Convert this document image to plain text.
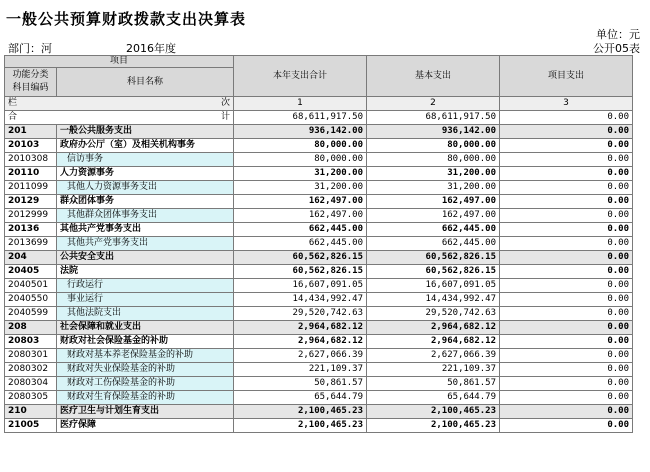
一般公共预算财政拨款支出决算表
单位：元
部门：河	2016年度	公开05表
项目		本年支出合计	基本支出	项目支出
功能分类
科目编码	科目名称			

栏	次	1	2	3
合	计	68,611,917.50	68,611,917.50	0.00
201	一般公共服务支出	936,142.00	936,142.00	0.00
20103	政府办公厅（室）及相关机构事务	80,000.00	80,000.00	0.00
2010308	信访事务	80,000.00	80,000.00	0.00
20110	人力资源事务	31,200.00	31,200.00	0.00
2011099	其他人力资源事务支出	31,200.00	31,200.00	0.00
20129	群众团体事务	162,497.00	162,497.00	0.00
2012999	其他群众团体事务支出	162,497.00	162,497.00	0.00
20136	其他共产党事务支出	662,445.00	662,445.00	0.00
2013699	其他共产党事务支出	662,445.00	662,445.00	0.00
204	公共安全支出	60,562,826.15	60,562,826.15	0.00
20405	法院	60,562,826.15	60,562,826.15	0.00
2040501	行政运行	16,607,091.05	16,607,091.05	0.00
2040550	事业运行	14,434,992.47	14,434,992.47	0.00
2040599	其他法院支出	29,520,742.63	29,520,742.63	0.00
208	社会保障和就业支出	2,964,682.12	2,964,682.12	0.00
20803	财政对社会保险基金的补助	2,964,682.12	2,964,682.12	0.00
2080301	财政对基本养老保险基金的补助	2,627,066.39	2,627,066.39	0.00
2080302	财政对失业保险基金的补助	221,109.37	221,109.37	0.00
2080304	财政对工伤保险基金的补助	50,861.57	50,861.57	0.00
2080305	财政对生育保险基金的补助	65,644.79	65,644.79	0.00
210	医疗卫生与计划生育支出	2,100,465.23	2,100,465.23	0.00
21005	医疗保障	2,100,465.23	2,100,465.23	0.00
